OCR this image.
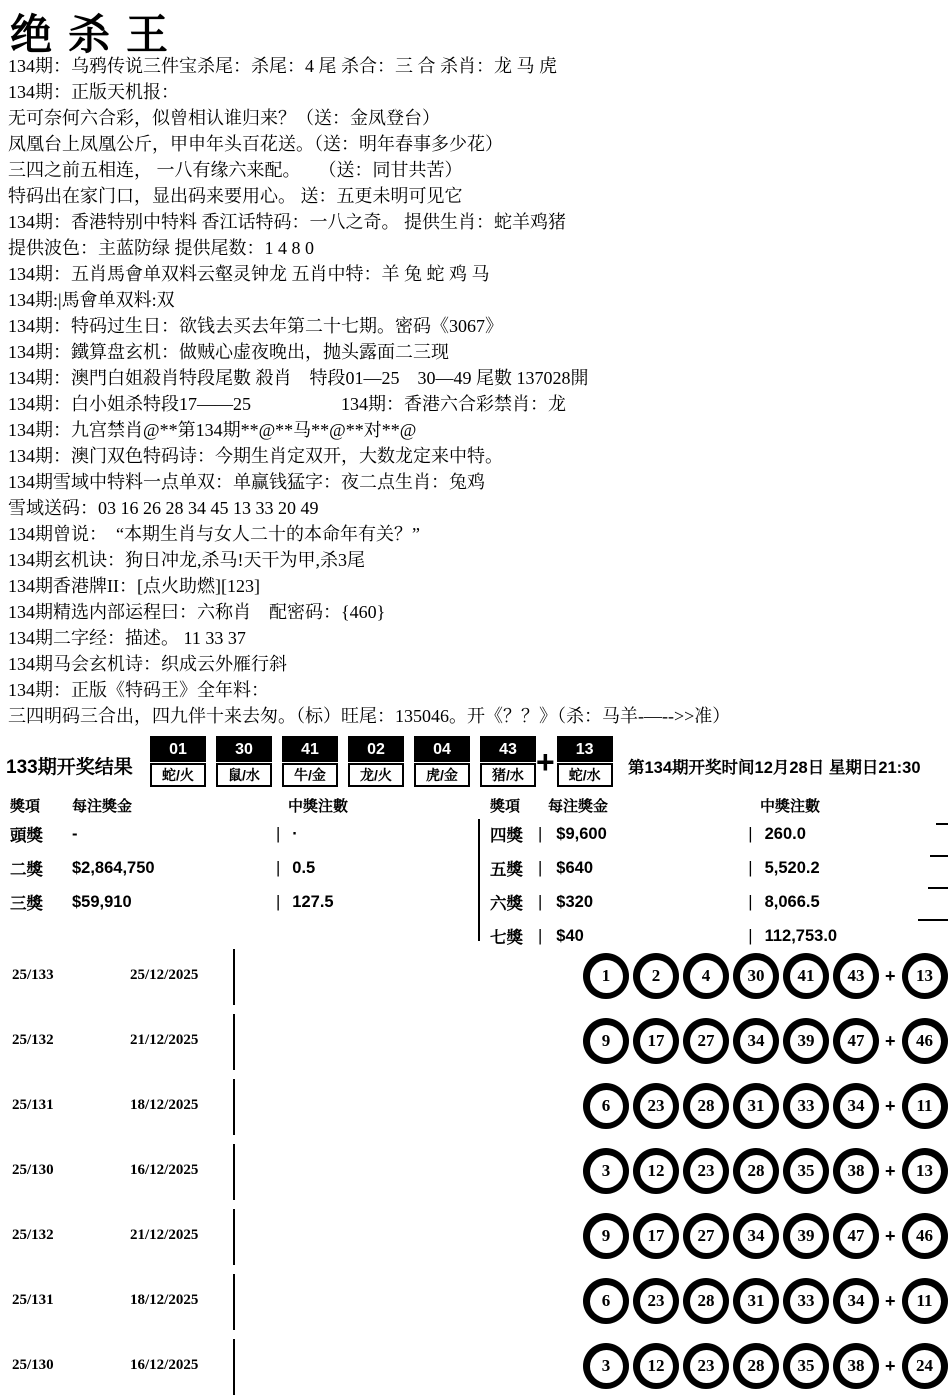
绝杀王
134期：乌鸦传说三件宝杀尾：杀尾：4 尾 杀合：三 合 杀肖：龙 马 虎
134期：正版天机报：
无可奈何六合彩，似曾相认谁归来？（送：金凤登台）
凤凰台上凤凰公斤，甲申年头百花送。（送：明年春事多少花）
三四之前五相连， 一八有缘六来配。　　（送：同甘共苦）
特码出在家门口，显出码来要用心。 送：五更未明可见它
134期：香港特别中特料 香江话特码：一八之奇。 提供生肖：蛇羊鸡猪
提供波色：主蓝防绿 提供尾数：1 4 8 0
134期：五肖馬會单双料云壑灵钟龙 五肖中特：羊 兔 蛇 鸡 马
134期:|馬會单双料:双
134期：特码过生日：欲钱去买去年第二十七期。密码《3067》
134期：鐵算盘玄机：做贼心虚夜晚出，抛头露面二三现
134期：澳門白姐殺肖特段尾數 殺肖　特段01—25　30—49 尾數 137028開
134期：白小姐杀特段17——25　　　　　134期：香港六合彩禁肖：龙
134期：九宫禁肖@**第134期**@**马**@**对**@
134期：澳门双色特码诗：今期生肖定双开，大数龙定来中特。
134期雪域中特料一点单双：单赢钱猛字：夜二点生肖：兔鸡
雪域送码：03 16 26 28 34 45 13 33 20 49
134期曾说：　“本期生肖与女人二十的本命年有关？”
134期玄机诀：狗日冲龙,杀马!天干为甲,杀3尾
134期香港牌II：[点火助燃][123]
134期精选内部运程曰：六称肖　配密码：{460}
134期二字经：描述。 11 33 37
134期马会玄机诗：织成云外雁行斜
134期：正版《特码王》全年料：
三四明码三合出，四九伴十来去匆。（标）旺尾：135046。开《？？》（杀：马羊-—-->>准）
133期开奖结果
01
蛇/火
30
鼠/水
41
牛/金
02
龙/火
04
虎/金
43
猪/水 +	13
蛇/水	第134期开奖时间12月28日 星期日21:30
獎項 每注獎金	中獎注數	獎項 每注獎金	中獎注數
頭獎	-	| ·
二獎	$2,864,750	| 0.5
三獎	$59,910	| 127.5
四獎 | $9,600	| 260.0
五獎 | $640	| 5,520.2
六獎 | $320	| 8,066.5
七獎 | $40	| 112,753.0
25/133	25/12/2025	1	2	4	30	41	43	+	13
25/132	21/12/2025	9	17	27	34	39	47	+	46
25/131	18/12/2025	6	23	28	31	33	34	+	11
25/130	16/12/2025	3	12	23	28	35	38	+	13
25/132	21/12/2025	9	17	27	34	39	47	+	46
25/131	18/12/2025	6	23	28	31	33	34	+	11
25/130	16/12/2025	3	12	23	28	35	38	+	24
